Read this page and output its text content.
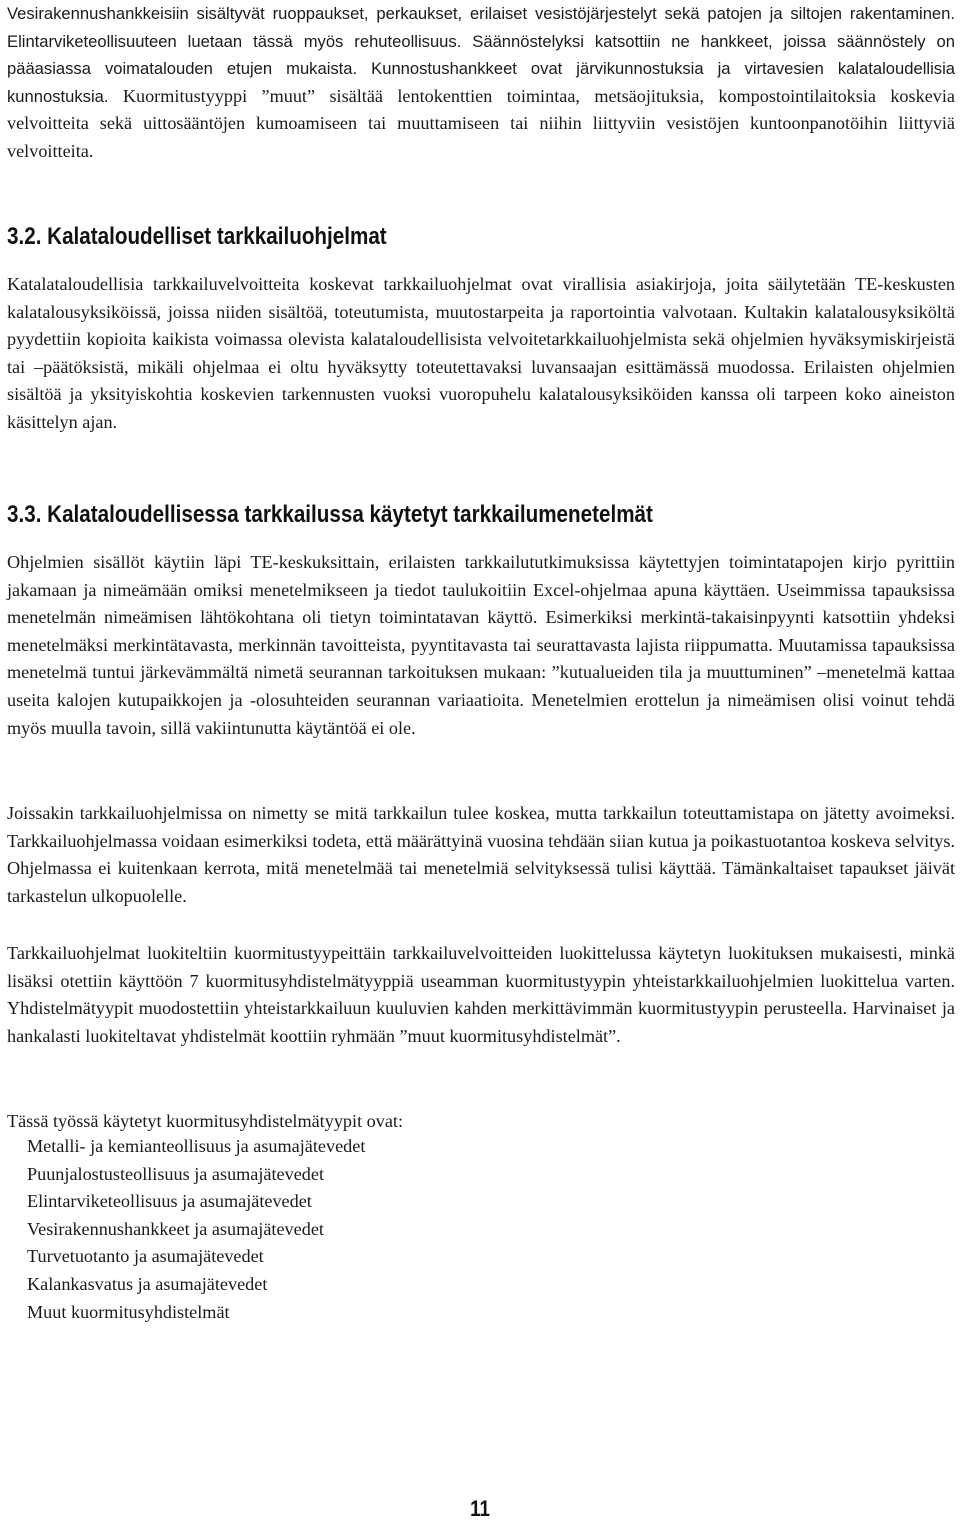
Vesirakennushankkeisiin sisältyvät ruoppaukset, perkaukset, erilaiset vesistöjärjestelyt sekä patojen ja siltojen rakentaminen. Elintarviketeollisuuteen luetaan tässä myös rehuteollisuus. Säännöstelyksi katsottiin ne hankkeet, joissa säännöstely on pääasiassa voimatalouden etujen mukaista. Kunnostushankkeet ovat järvikunnostuksia ja virtavesien kalataloudellisia kunnostuksia. Kuormitustyyppi ”muut” sisältää lentokenttien toimintaa, metsäojituksia, kompostointilaitoksia koskevia velvoitteita sekä uittosääntöjen kumoamiseen tai muuttamiseen tai niihin liittyviin vesistöjen kuntoonpanotöihin liittyviä velvoitteita.

3.2. Kalataloudelliset tarkkailuohjelmat

Katalataloudellisia tarkkailuvelvoitteita koskevat tarkkailuohjelmat ovat virallisia asiakirjoja, joita säilytetään TE-keskusten kalatalousyksiköissä, joissa niiden sisältöä, toteutumista, muutostarpeita ja raportointia valvotaan. Kultakin kalatalousyksiköltä pyydettiin kopioita kaikista voimassa olevista kalataloudellisista velvoitetarkkailuohjelmista sekä ohjelmien hyväksymiskirjeistä tai –päätöksistä, mikäli ohjelmaa ei oltu hyväksytty toteutettavaksi luvansaajan esittämässä muodossa. Erilaisten ohjelmien sisältöä ja yksityiskohtia koskevien tarkennusten vuoksi vuoropuhelu kalatalousyksiköiden kanssa oli tarpeen koko aineiston käsittelyn ajan.

3.3. Kalataloudellisessa tarkkailussa käytetyt tarkkailumenetelmät

Ohjelmien sisällöt käytiin läpi TE-keskuksittain, erilaisten tarkkailututkimuksissa käytettyjen toimintatapojen kirjo pyrittiin jakamaan ja nimeämään omiksi menetelmikseen ja tiedot taulukoitiin Excel-ohjelmaa apuna käyttäen. Useimmissa tapauksissa menetelmän nimeämisen lähtökohtana oli tietyn toimintatavan käyttö. Esimerkiksi merkintä-takaisinpyynti katsottiin yhdeksi menetelmäksi merkintätavasta, merkinnän tavoitteista, pyyntitavasta tai seurattavasta lajista riippumatta. Muutamissa tapauksissa menetelmä tuntui järkevämmältä nimetä seurannan tarkoituksen mukaan: ”kutualueiden tila ja muuttuminen” –menetelmä kattaa useita kalojen kutupaikkojen ja -olosuhteiden seurannan variaatioita. Menetelmien erottelun ja nimeämisen olisi voinut tehdä myös muulla tavoin, sillä vakiintunutta käytäntöä ei ole.

Joissakin tarkkailuohjelmissa on nimetty se mitä tarkkailun tulee koskea, mutta tarkkailun toteuttamistapa on jätetty avoimeksi. Tarkkailuohjelmassa voidaan esimerkiksi todeta, että määrättyinä vuosina tehdään siian kutua ja poikastuotantoa koskeva selvitys. Ohjelmassa ei kuitenkaan kerrota, mitä menetelmää tai menetelmiä selvityksessä tulisi käyttää. Tämänkaltaiset tapaukset jäivät tarkastelun ulkopuolelle.

Tarkkailuohjelmat luokiteltiin kuormitustyypeittäin tarkkailuvelvoitteiden luokittelussa käytetyn luokituksen mukaisesti, minkä lisäksi otettiin käyttöön 7 kuormitusyhdistelmätyyppiä useamman kuormitustyypin yhteistarkkailuohjelmien luokittelua varten. Yhdistelmätyypit muodostettiin yhteistarkkailuun kuuluvien kahden merkittävimmän kuormitustyypin perusteella. Harvinaiset ja hankalasti luokiteltavat yhdistelmät koottiin ryhmään ”muut kuormitusyhdistelmät”.

Tässä työssä käytetyt kuormitusyhdistelmätyypit ovat:

Metalli- ja kemianteollisuus ja asumajätevedet
Puunjalostusteollisuus ja asumajätevedet
Elintarviketeollisuus ja asumajätevedet
Vesirakennushankkeet ja asumajätevedet
Turvetuotanto ja asumajätevedet
Kalankasvatus ja asumajätevedet
Muut kuormitusyhdistelmät
11
